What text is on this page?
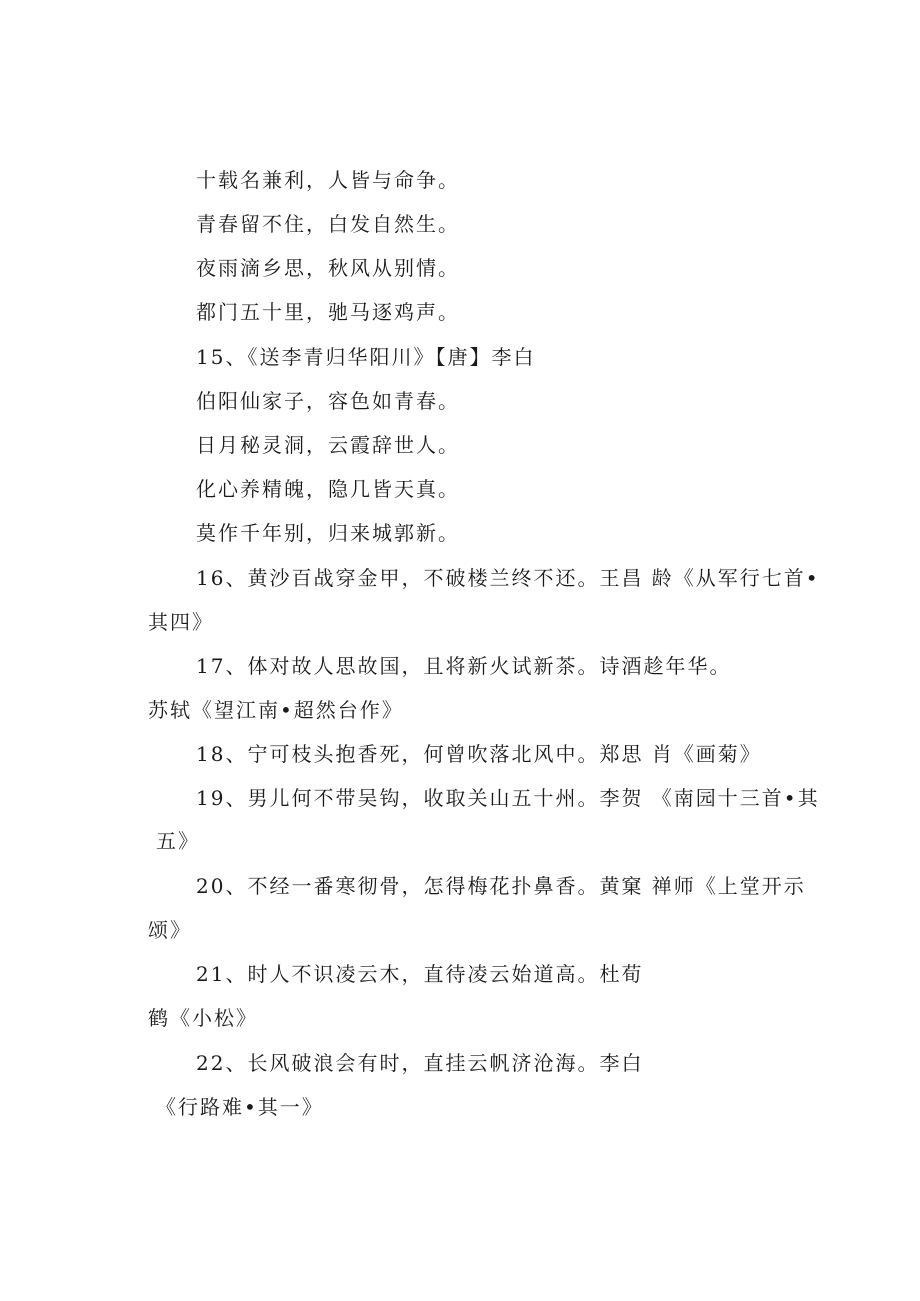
十载名兼利，人皆与命争。
青春留不住，白发自然生。
夜雨滴乡思，秋风从别情。
都门五十里，驰马逐鸡声。
15、《送李青归华阳川》【唐】李白
伯阳仙家子，容色如青春。
日月秘灵洞，云霞辞世人。
化心养精魄，隐几皆天真。
莫作千年别，归来城郭新。
16、黄沙百战穿金甲，不破楼兰终不还。王昌 龄《从军行七首•
其四》
17、体对故人思故国，且将新火试新茶。诗酒趁年华。
苏轼《望江南•超然台作》
18、宁可枝头抱香死，何曾吹落北风中。郑思 肖《画菊》
19、男儿何不带吴钩，收取关山五十州。李贺 《南园十三首•其
五》
20、不经一番寒彻骨，怎得梅花扑鼻香。黄窠 禅师《上堂开示
颂》
21、时人不识凌云木，直待凌云始道高。杜荀
鹤《小松》
22、长风破浪会有时，直挂云帆济沧海。李白
《行路难•其一》
